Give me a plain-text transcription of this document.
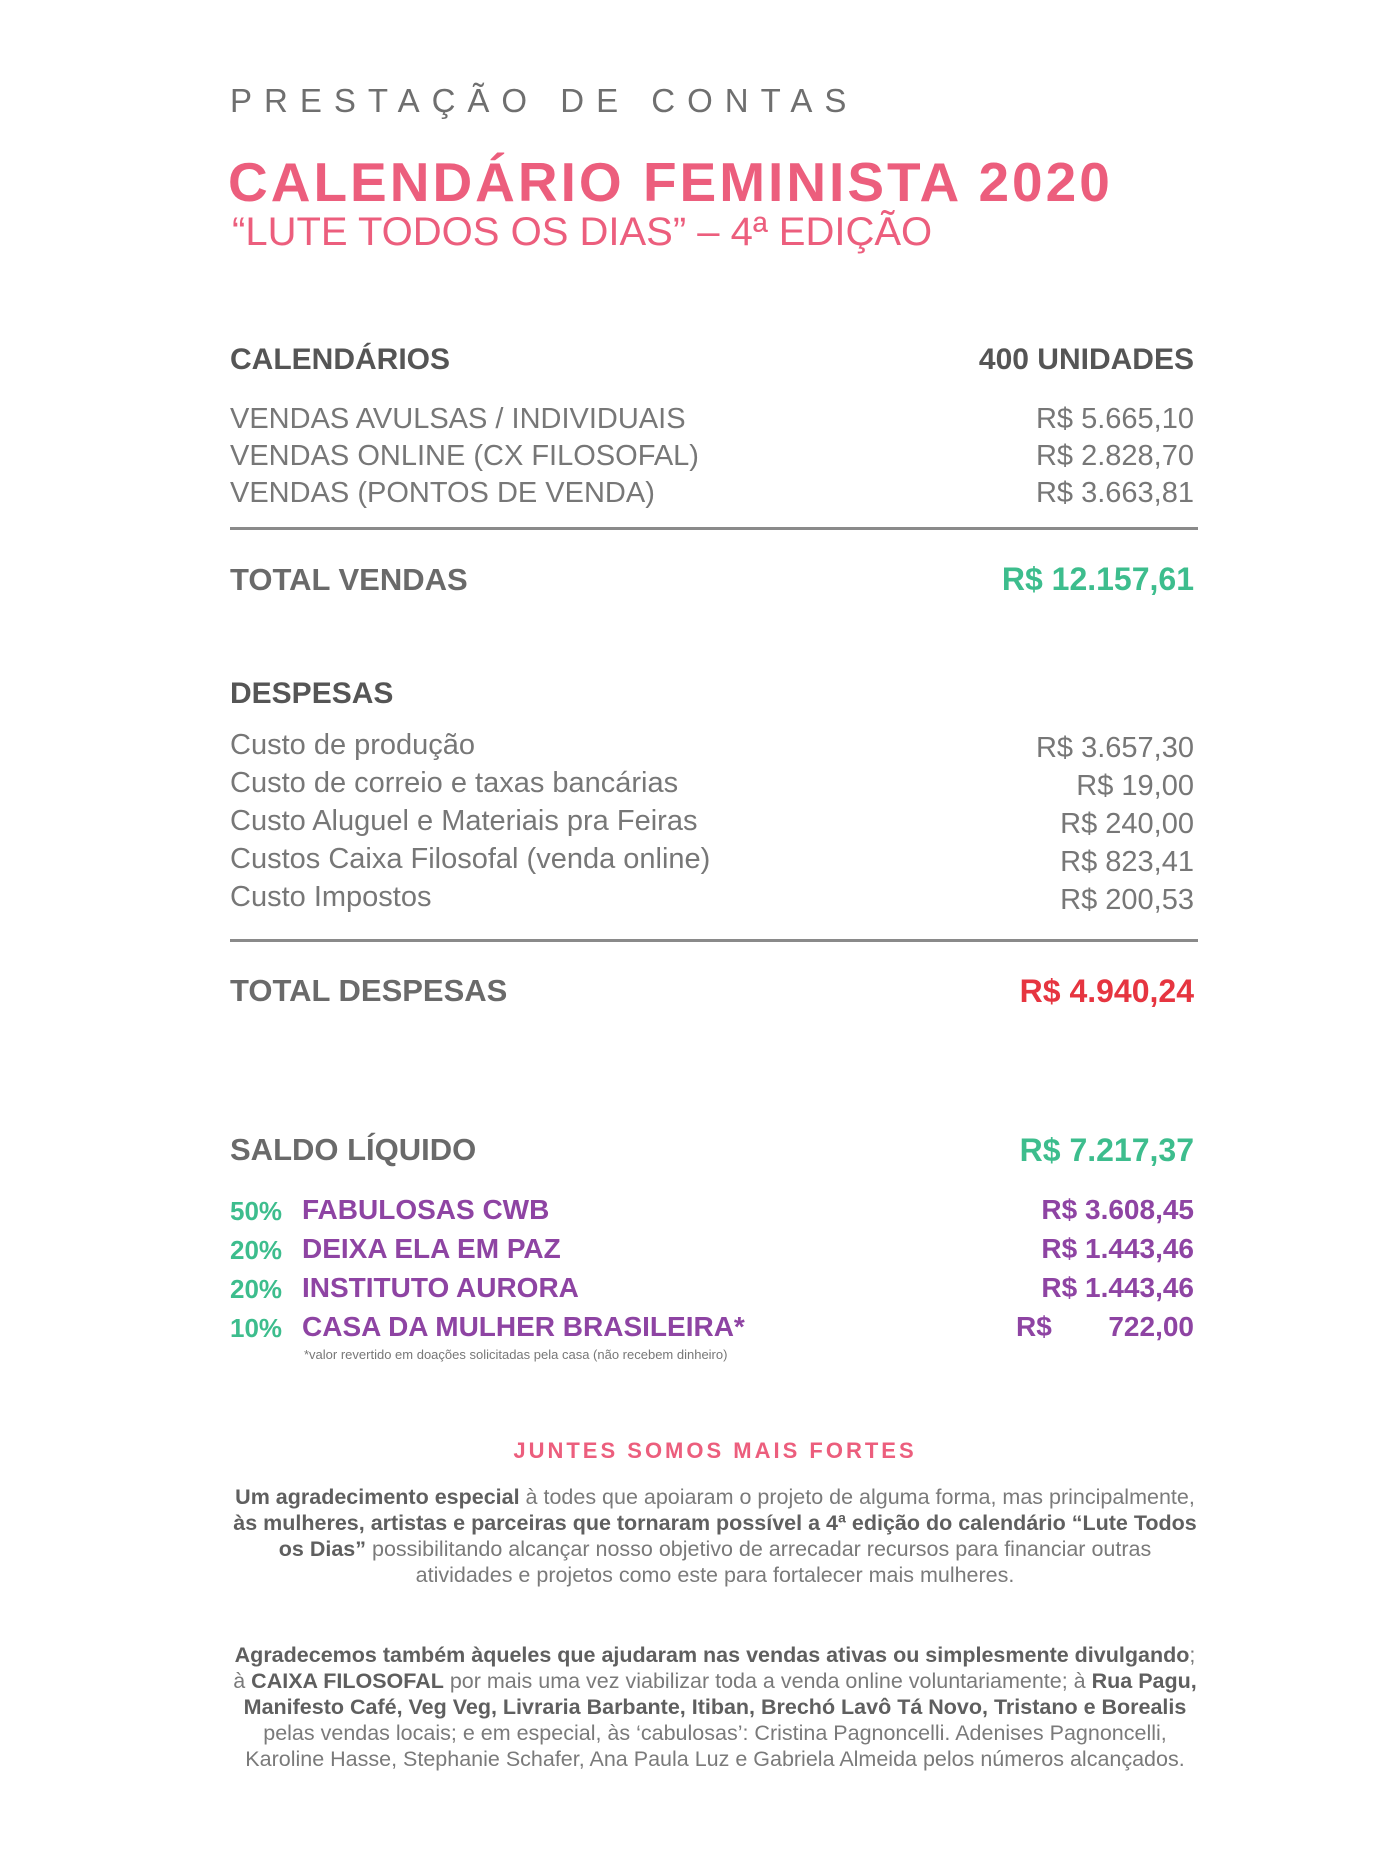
PRESTAÇÃO DE CONTAS
CALENDÁRIO FEMINISTA 2020
“LUTE TODOS OS DIAS” – 4ª EDIÇÃO
CALENDÁRIOS	400 UNIDADES
VENDAS AVULSAS / INDIVIDUAIS	R$ 5.665,10
VENDAS ONLINE (CX FILOSOFAL)	R$ 2.828,70
VENDAS (PONTOS DE VENDA)	R$ 3.663,81
TOTAL VENDAS	R$ 12.157,61
DESPESAS
Custo de produção	R$ 3.657,30
Custo de correio e taxas bancárias	R$ 19,00
Custo Aluguel e Materiais pra Feiras	R$ 240,00
Custos Caixa Filosofal (venda online)	R$ 823,41
Custo Impostos	R$ 200,53
TOTAL DESPESAS	R$ 4.940,24
SALDO LÍQUIDO	R$ 7.217,37
50% FABULOSAS CWB	R$ 3.608,45
20% DEIXA ELA EM PAZ	R$ 1.443,46
20% INSTITUTO AURORA	R$ 1.443,46
10% CASA DA MULHER BRASILEIRA*	R$ 722,00
*valor revertido em doações solicitadas pela casa (não recebem dinheiro)
JUNTES SOMOS MAIS FORTES
Um agradecimento especial à todes que apoiaram o projeto de alguma forma, mas principalmente, às mulheres, artistas e parceiras que tornaram possível a 4ª edição do calendário “Lute Todos os Dias” possibilitando alcançar nosso objetivo de arrecadar recursos para financiar outras atividades e projetos como este para fortalecer mais mulheres.
Agradecemos também àqueles que ajudaram nas vendas ativas ou simplesmente divulgando; à CAIXA FILOSOFAL por mais uma vez viabilizar toda a venda online voluntariamente; à Rua Pagu, Manifesto Café, Veg Veg, Livraria Barbante, Itiban, Brechó Lavô Tá Novo, Tristano e Borealis pelas vendas locais; e em especial, às ‘cabulosas’: Cristina Pagnoncelli. Adenises Pagnoncelli, Karoline Hasse, Stephanie Schafer, Ana Paula Luz e Gabriela Almeida pelos números alcançados.
